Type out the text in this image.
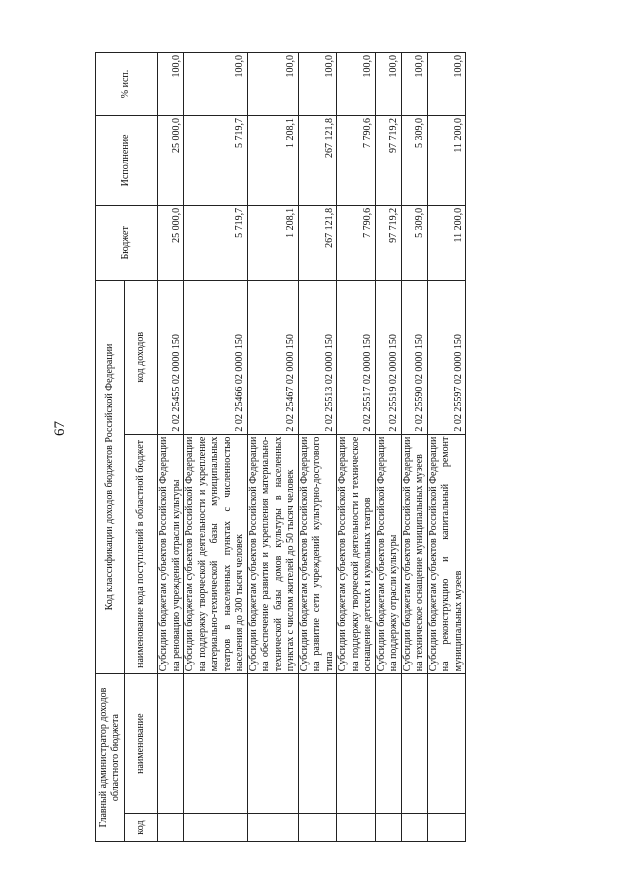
67
Главный администратор доходов областного бюджета		Код классификации доходов бюджетов Российской Федерации		Бюджет	Исполнение	% исп.
код	наименование	наименование кода поступлений в областной бюджет	код доходов			
		Субсидии бюджетам субъектов Российской Федерации на реновацию учреждений отрасли культуры	2 02 25455 02 0000 150	25 000,0	25 000,0	100,0
		Субсидии бюджетам субъектов Российской Федерации на поддержку творческой деятельности и укрепление материально-технической базы муниципальных театров в населенных пунктах с численностью населения до 300 тысяч человек	2 02 25466 02 0000 150	5 719,7	5 719,7	100,0
		Субсидии бюджетам субъектов Российской Федерации на обеспечение развития и укрепления материально-технической базы домов культуры в населенных пунктах с числом жителей до 50 тысяч человек	2 02 25467 02 0000 150	1 208,1	1 208,1	100,0
		Субсидии бюджетам субъектов Российской Федерации на развитие сети учреждений культурно-досугового типа	2 02 25513 02 0000 150	267 121,8	267 121,8	100,0
		Субсидии бюджетам субъектов Российской Федерации на поддержку творческой деятельности и техническое оснащение детских и кукольных театров	2 02 25517 02 0000 150	7 790,6	7 790,6	100,0
		Субсидии бюджетам субъектов Российской Федерации на поддержку отрасли культуры	2 02 25519 02 0000 150	97 719,2	97 719,2	100,0
		Субсидии бюджетам субъектов Российской Федерации на техническое оснащение муниципальных музеев	2 02 25590 02 0000 150	5 309,0	5 309,0	100,0
		Субсидии бюджетам субъектов Российской Федерации на реконструкцию и капитальный ремонт муниципальных музеев	2 02 25597 02 0000 150	11 200,0	11 200,0	100,0
